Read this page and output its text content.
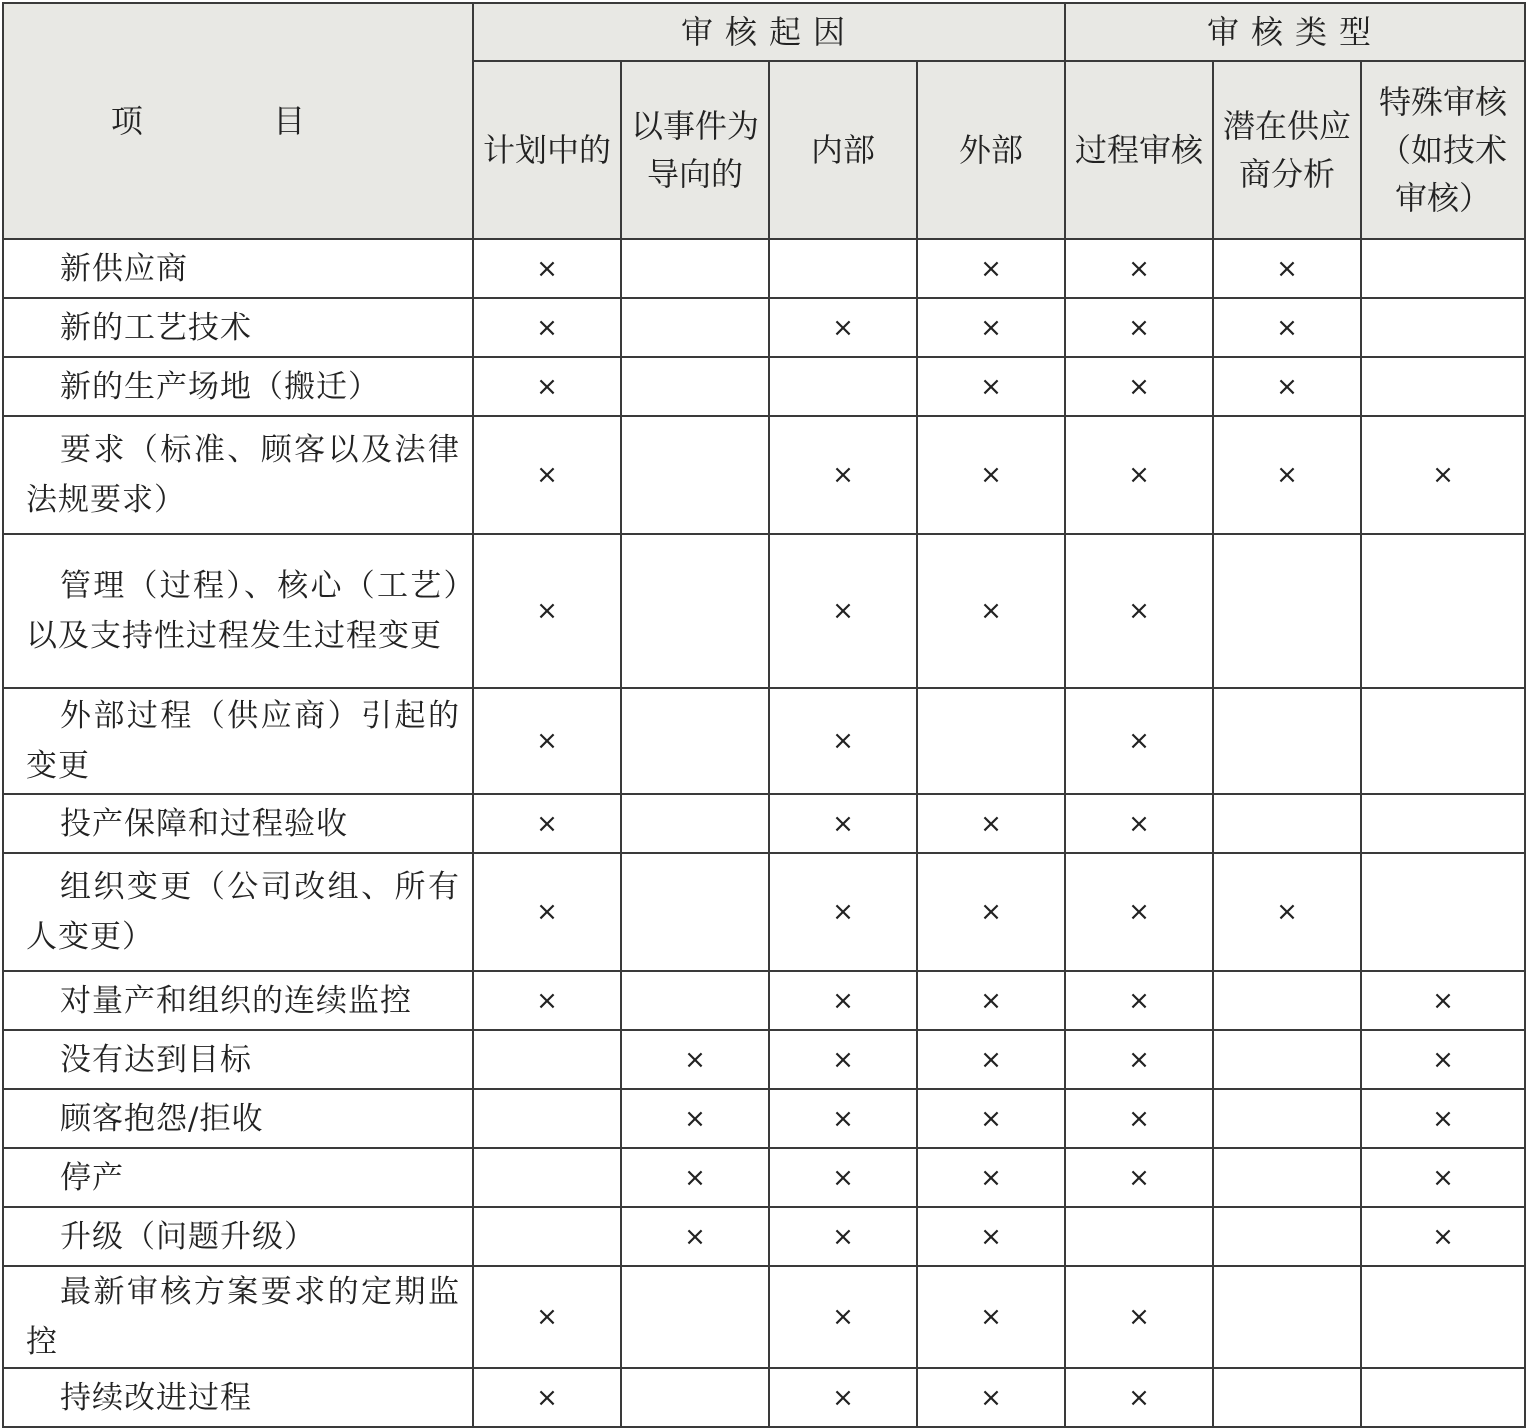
项 目	审核起因				审核类型		
	计划中的	以事件为导向的	内部	外部	过程审核	潜在供应商分析	特殊审核（如技术审核）
新供应商	×			×	×	×	
新的工艺技术	×		×	×	×	×	
新的生产场地（搬迁）	×			×	×	×	
要求（标准、顾客以及法律法规要求）	×		×	×	×	×	×
管理（过程）、核心（工艺）以及支持性过程发生过程变更	×		×	×	×		
外部过程（供应商）引起的变更	×		×		×		
投产保障和过程验收	×		×	×	×		
组织变更（公司改组、所有人变更）	×		×	×	×	×	
对量产和组织的连续监控	×		×	×	×		×
没有达到目标		×	×	×	×		×
顾客抱怨/拒收		×	×	×	×		×
停产		×	×	×	×		×
升级（问题升级）		×	×	×			×
最新审核方案要求的定期监控	×		×	×	×		
持续改进过程	×		×	×	×		
